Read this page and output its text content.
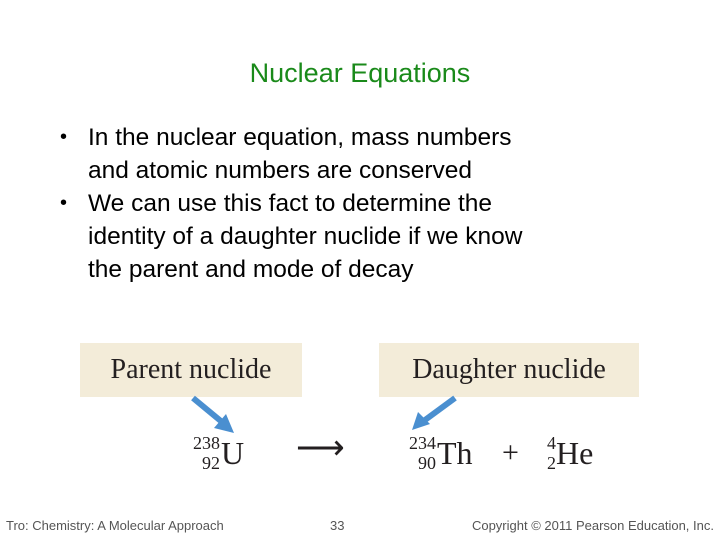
Nuclear Equations
• In the nuclear equation, mass numbers
and atomic numbers are conserved
• We can use this fact to determine the
identity of a daughter nuclide if we know
the parent and mode of decay
Parent nuclide	Daughter nuclide
238
92 U ⟶	234
90 Th +	4
2 He
Tro: Chemistry: A Molecular Approach	33	Copyright © 2011 Pearson Education, Inc.
